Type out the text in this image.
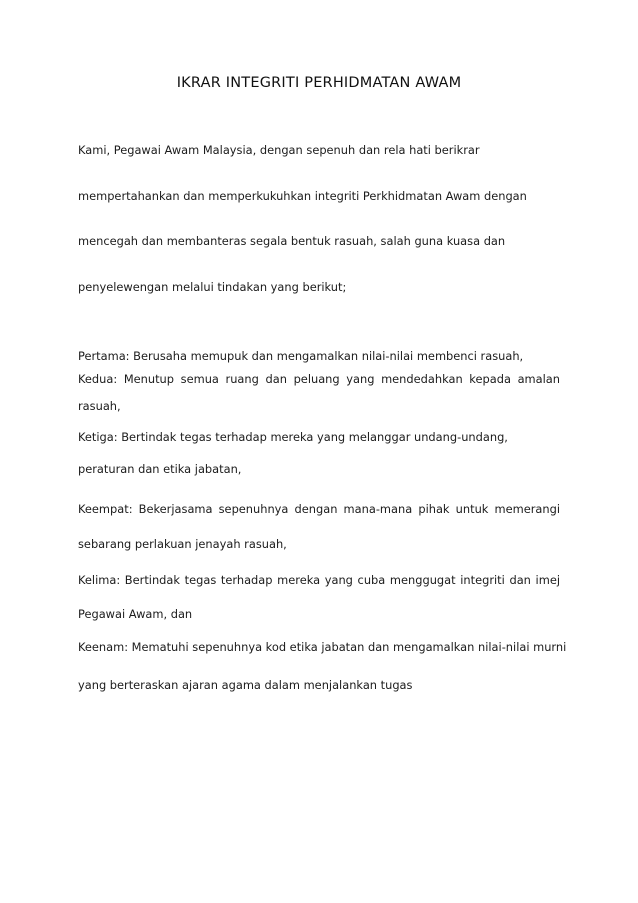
IKRAR INTEGRITI PERHIDMATAN AWAM
Kami, Pegawai Awam Malaysia, dengan sepenuh dan rela hati berikrar
mempertahankan dan memperkukuhkan integriti Perkhidmatan Awam dengan
mencegah dan membanteras segala bentuk rasuah, salah guna kuasa dan
penyelewengan melalui tindakan yang berikut;
Pertama: Berusaha memupuk dan mengamalkan nilai-nilai membenci rasuah,
Kedua: Menutup semua ruang dan peluang yang mendedahkan kepada amalan
rasuah,
Ketiga: Bertindak tegas terhadap mereka yang melanggar undang-undang,
peraturan dan etika jabatan,
Keempat: Bekerjasama sepenuhnya dengan mana-mana pihak untuk memerangi
sebarang perlakuan jenayah rasuah,
Kelima: Bertindak tegas terhadap mereka yang cuba menggugat integriti dan imej
Pegawai Awam, dan
Keenam: Mematuhi sepenuhnya kod etika jabatan dan mengamalkan nilai-nilai murni
yang berteraskan ajaran agama dalam menjalankan tugas
